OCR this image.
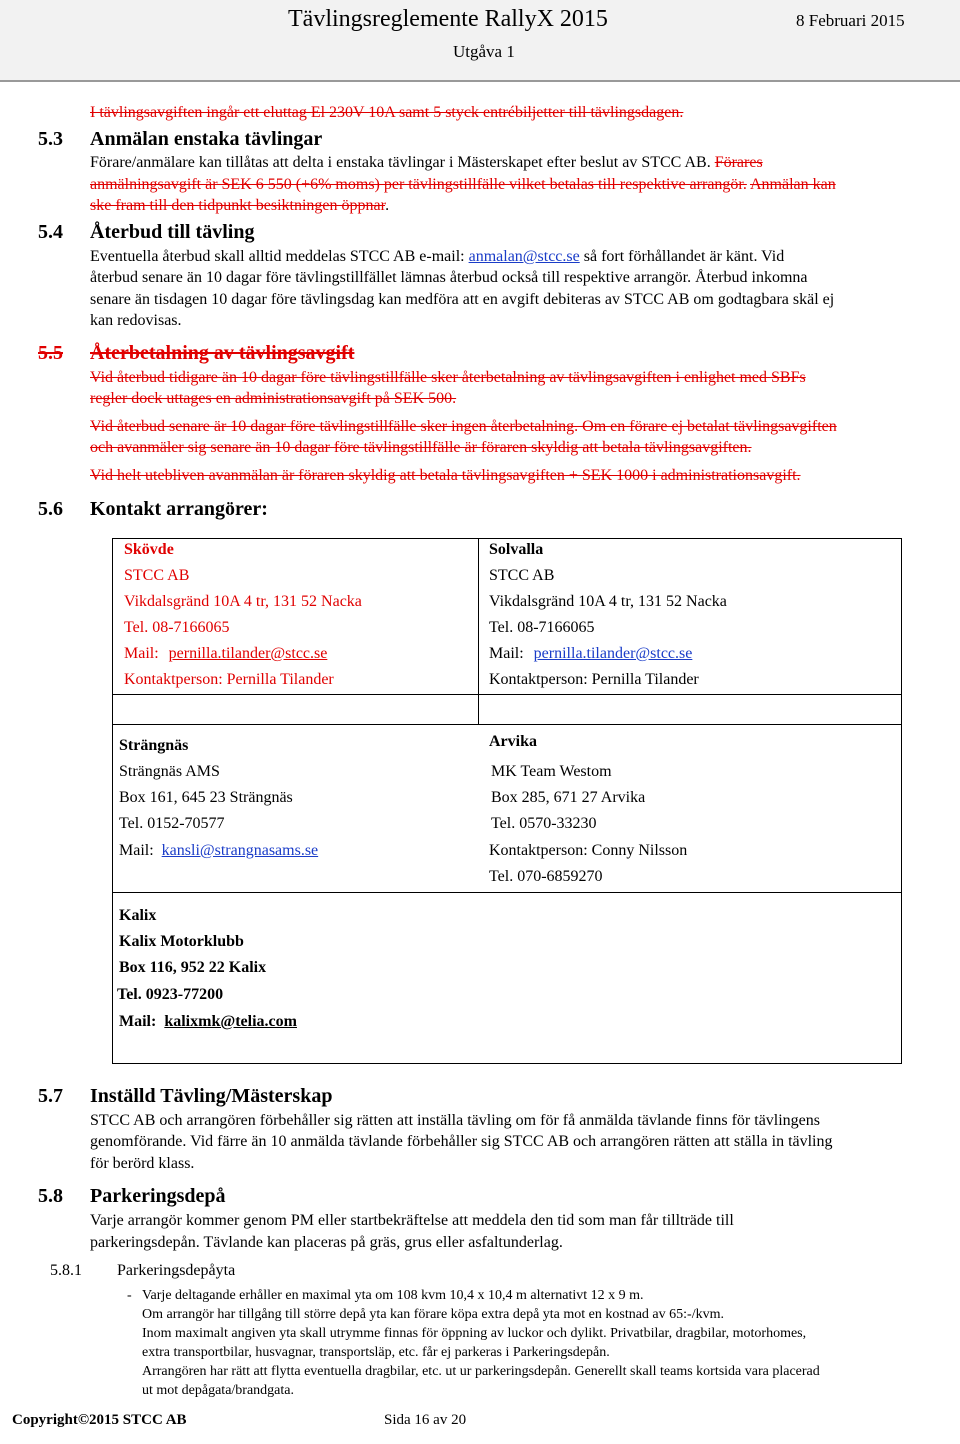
Tävlingsreglemente RallyX 2015	8 Februari 2015
Utgåva 1
I tävlingsavgiften ingår ett eluttag El 230V 10A samt 5 styck entrébiljetter till tävlingsdagen.
5.3 Anmälan enstaka tävlingar
Förare/anmälare kan tillåtas att delta i enstaka tävlingar i Mästerskapet efter beslut av STCC AB. Förares
anmälningsavgift är SEK 6 550 (+6% moms) per tävlingstillfälle vilket betalas till respektive arrangör. Anmälan kan
ske fram till den tidpunkt besiktningen öppnar.
5.4 Återbud till tävling
Eventuella återbud skall alltid meddelas STCC AB e-mail: anmalan@stcc.se så fort förhållandet är känt. Vid
återbud senare än 10 dagar före tävlingstillfället lämnas återbud också till respektive arrangör. Återbud inkomna
senare än tisdagen 10 dagar före tävlingsdag kan medföra att en avgift debiteras av STCC AB om godtagbara skäl ej
kan redovisas.
5.5 Återbetalning av tävlingsavgift
Vid återbud tidigare än 10 dagar före tävlingstillfälle sker återbetalning av tävlingsavgiften i enlighet med SBFs
regler dock uttages en administrationsavgift på SEK 500.
Vid återbud senare är 10 dagar före tävlingstillfälle sker ingen återbetalning. Om en förare ej betalat tävlingsavgiften
och avanmäler sig senare än 10 dagar före tävlingstillfälle är föraren skyldig att betala tävlingsavgiften.
Vid helt utebliven avanmälan är föraren skyldig att betala tävlingsavgiften + SEK 1000 i administrationsavgift.
5.6 Kontakt arrangörer:
Skövde
STCC AB
Vikdalsgränd 10A 4 tr, 131 52 Nacka
Tel. 08-7166065
Mail: pernilla.tilander@stcc.se
Kontaktperson: Pernilla Tilander
Solvalla
STCC AB
Vikdalsgränd 10A 4 tr, 131 52 Nacka
Tel. 08-7166065
Mail: pernilla.tilander@stcc.se
Kontaktperson: Pernilla Tilander
Strängnäs
Strängnäs AMS
Box 161, 645 23 Strängnäs
Tel. 0152-70577
Mail: kansli@strangnasams.se
Arvika
MK Team Westom
Box 285, 671 27 Arvika
Tel. 0570-33230
Kontaktperson: Conny Nilsson
Tel. 070-6859270
Kalix
Kalix Motorklubb
Box 116, 952 22 Kalix
Tel. 0923-77200
Mail: kalixmk@telia.com
5.7 Inställd Tävling/Mästerskap
STCC AB och arrangören förbehåller sig rätten att inställa tävling om för få anmälda tävlande finns för tävlingens
genomförande. Vid färre än 10 anmälda tävlande förbehåller sig STCC AB och arrangören rätten att ställa in tävling
för berörd klass.
5.8 Parkeringsdepå
Varje arrangör kommer genom PM eller startbekräftelse att meddela den tid som man får tillträde till
parkeringsdepån. Tävlande kan placeras på gräs, grus eller asfaltunderlag.
5.8.1 Parkeringsdepåyta
- Varje deltagande erhåller en maximal yta om 108 kvm 10,4 x 10,4 m alternativt 12 x 9 m.
Om arrangör har tillgång till större depå yta kan förare köpa extra depå yta mot en kostnad av 65:-/kvm.
Inom maximalt angiven yta skall utrymme finnas för öppning av luckor och dylikt. Privatbilar, dragbilar, motorhomes,
extra transportbilar, husvagnar, transportsläp, etc. får ej parkeras i Parkeringsdepån.
Arrangören har rätt att flytta eventuella dragbilar, etc. ut ur parkeringsdepån. Generellt skall teams kortsida vara placerad
ut mot depågata/brandgata.
Copyright©2015 STCC AB	Sida 16 av 20
